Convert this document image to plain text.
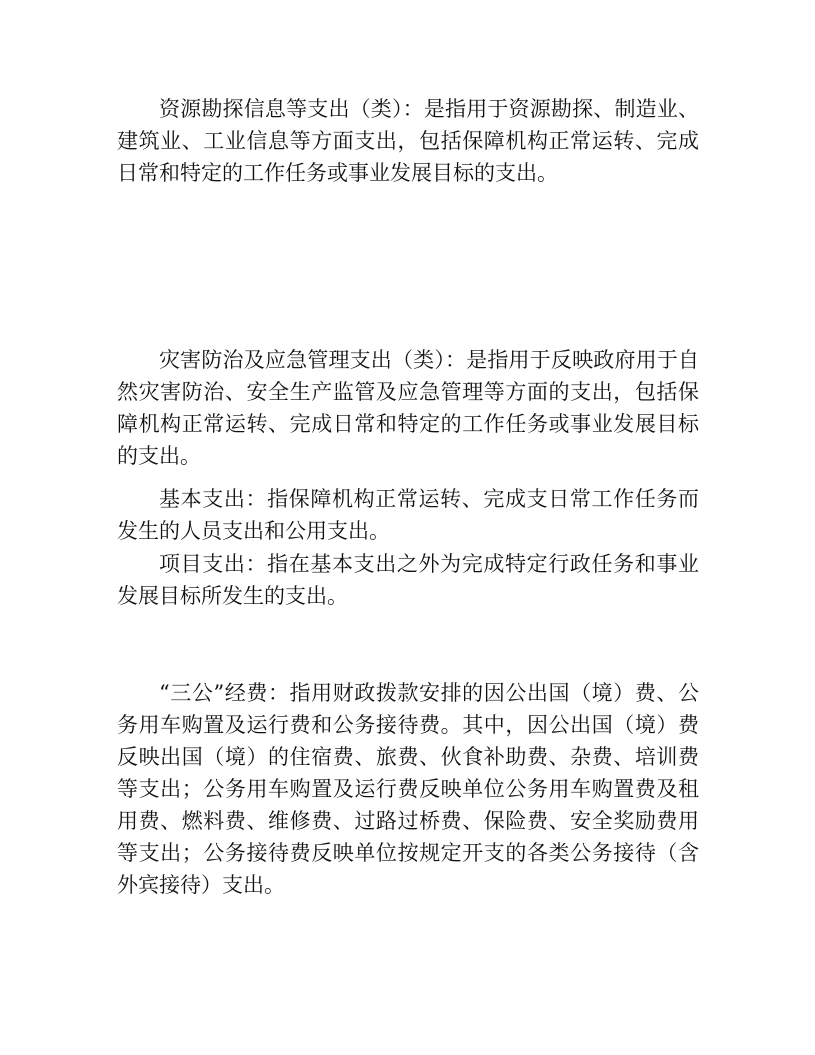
资源勘探信息等支出（类）：是指用于资源勘探、制造业、建筑业、工业信息等方面支出，包括保障机构正常运转、完成日常和特定的工作任务或事业发展目标的支出。

灾害防治及应急管理支出（类）：是指用于反映政府用于自然灾害防治、安全生产监管及应急管理等方面的支出，包括保障机构正常运转、完成日常和特定的工作任务或事业发展目标的支出。

基本支出：指保障机构正常运转、完成支日常工作任务而发生的人员支出和公用支出。

项目支出：指在基本支出之外为完成特定行政任务和事业发展目标所发生的支出。

“三公”经费：指用财政拨款安排的因公出国（境）费、公务用车购置及运行费和公务接待费。其中，因公出国（境）费反映出国（境）的住宿费、旅费、伙食补助费、杂费、培训费等支出；公务用车购置及运行费反映单位公务用车购置费及租用费、燃料费、维修费、过路过桥费、保险费、安全奖励费用等支出；公务接待费反映单位按规定开支的各类公务接待（含外宾接待）支出。
